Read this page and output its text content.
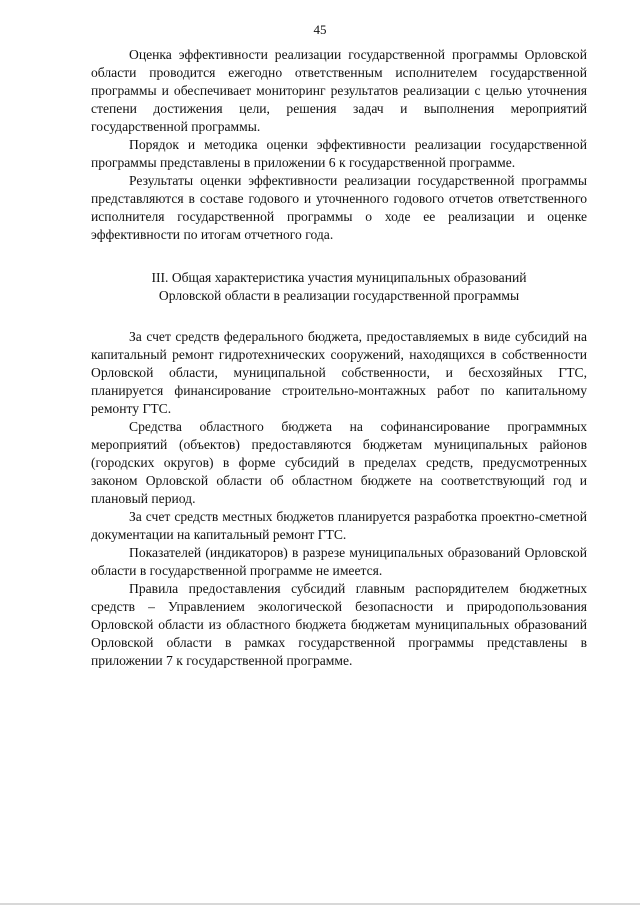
45

Оценка эффективности реализации государственной программы Орловской области проводится ежегодно ответственным исполнителем государственной программы и обеспечивает мониторинг результатов реализации с целью уточнения степени достижения цели, решения задач и выполнения мероприятий государственной программы.

Порядок и методика оценки эффективности реализации государственной программы представлены в приложении 6 к государственной программе.

Результаты оценки эффективности реализации государственной программы представляются в составе годового и уточненного годового отчетов ответственного исполнителя государственной программы о ходе ее реализации и оценке эффективности по итогам отчетного года.

III. Общая характеристика участия муниципальных образований
Орловской области в реализации государственной программы

За счет средств федерального бюджета, предоставляемых в виде субсидий на капитальный ремонт гидротехнических сооружений, находящихся в собственности Орловской области, муниципальной собственности, и бесхозяйных ГТС, планируется финансирование строительно-монтажных работ по капитальному ремонту ГТС.

Средства областного бюджета на софинансирование программных мероприятий (объектов) предоставляются бюджетам муниципальных районов (городских округов) в форме субсидий в пределах средств, предусмотренных законом Орловской области об областном бюджете на соответствующий год и плановый период.

За счет средств местных бюджетов планируется разработка проектно-сметной документации на капитальный ремонт ГТС.

Показателей (индикаторов) в разрезе муниципальных образований Орловской области в государственной программе не имеется.

Правила предоставления субсидий главным распорядителем бюджетных средств – Управлением экологической безопасности и природопользования Орловской области из областного бюджета бюджетам муниципальных образований Орловской области в рамках государственной программы представлены в приложении 7 к государственной программе.
